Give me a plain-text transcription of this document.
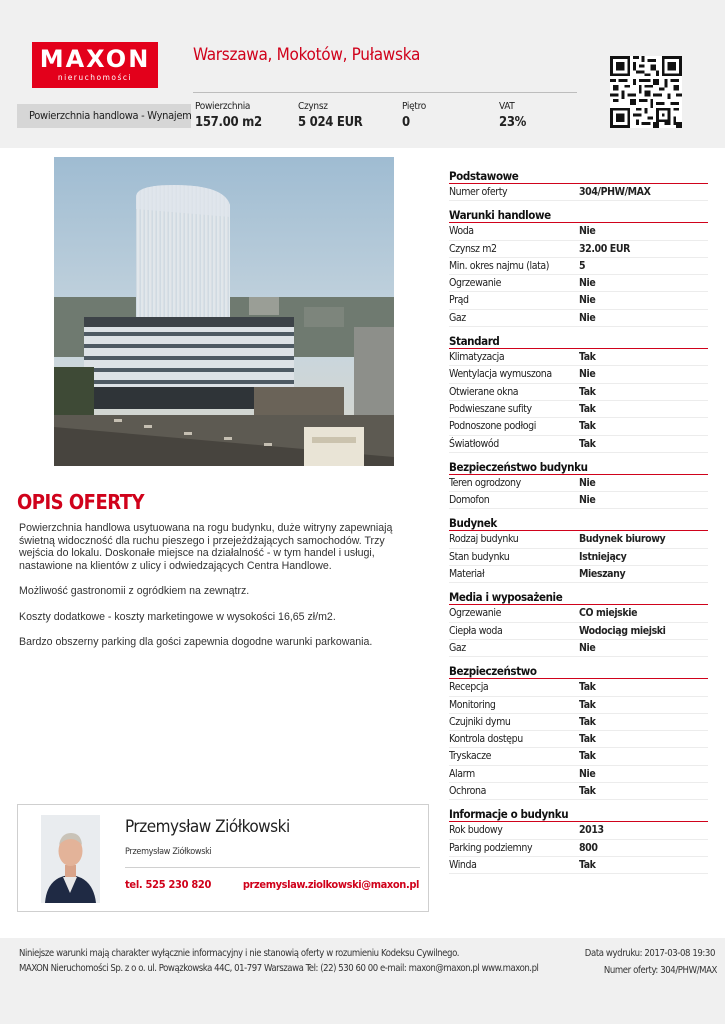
MAXON
nieruchomości
Warszawa, Mokotów, Puławska
Powierzchnia handlowa - Wynajem
Powierzchnia
157.00 m2
Czynsz
5 024 EUR
Piętro
0
VAT
23%
OPIS OFERTY

Powierzchnia handlowa usytuowana na rogu budynku, duże witryny zapewniają świetną widoczność dla ruchu pieszego i przejeżdżających samochodów. Trzy wejścia do lokalu. Doskonałe miejsce na działalność - w tym handel i usługi, nastawione na klientów z ulicy i odwiedzających Centra Handlowe.

Możliwość gastronomii z ogródkiem na zewnątrz.

Koszty dodatkowe - koszty marketingowe w wysokości 16,65 zł/m2.

Bardzo obszerny parking dla gości zapewnia dogodne warunki parkowania.

Przemysław Ziółkowski
Przemysław Ziółkowski
tel. 525 230 820	przemyslaw.ziolkowski@maxon.pl
Podstawowe
Numer oferty	304/PHW/MAX
Warunki handlowe
Woda	Nie
Czynsz m2	32.00 EUR
Min. okres najmu (lata)	5
Ogrzewanie	Nie
Prąd	Nie
Gaz	Nie
Standard
Klimatyzacja	Tak
Wentylacja wymuszona	Nie
Otwierane okna	Tak
Podwieszane sufity	Tak
Podnoszone podłogi	Tak
Światłowód	Tak
Bezpieczeństwo budynku
Teren ogrodzony	Nie
Domofon	Nie
Budynek
Rodzaj budynku	Budynek biurowy
Stan budynku	Istniejący
Materiał	Mieszany
Media i wyposażenie
Ogrzewanie	CO miejskie
Ciepła woda	Wodociąg miejski
Gaz	Nie
Bezpieczeństwo
Recepcja	Tak
Monitoring	Tak
Czujniki dymu	Tak
Kontrola dostępu	Tak
Tryskacze	Tak
Alarm	Nie
Ochrona	Tak
Informacje o budynku
Rok budowy	2013
Parking podziemny	800
Winda	Tak
Niniejsze warunki mają charakter wyłącznie informacyjny i nie stanowią oferty w rozumieniu Kodeksu Cywilnego.
MAXON Nieruchomości Sp. z o o. ul. Powązkowska 44C, 01-797 Warszawa Tel: (22) 530 60 00 e-mail: maxon@maxon.pl www.maxon.pl
Data wydruku: 2017-03-08 19:30
Numer oferty: 304/PHW/MAX
